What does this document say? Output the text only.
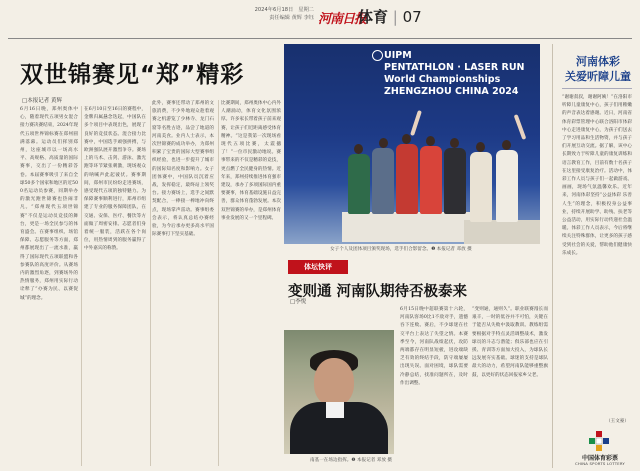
2024年6月18日　星期二
责任编辑 黄辉 李钰 河南日报
体育 | 07
双世锦赛见“郑”精彩
□本报记者 黄辉
6月16日晚，郑州奥体中心，随着现代五项男女混合接力赛决赛结束，2024年现代五项世界锦标赛在郑州圆满落幕。运动员们挥别郑州，这座城市以一场高水平、高规格、高质量的国际赛事，交出了一份精彩答卷。本届赛事吸引了来自全球50多个国家和地区的近500名运动员参赛，同期举办的激光跑世锦赛也热闹非凡。“郑州现代五项世锦赛”不仅是运动员竞技的舞台，更是一场全民参与的体育盛会。在赛事组织、场馆保障、志愿服务等方面，郑州都展现出了一流水准，赢得了国际现代五项联盟和各参赛队的高度评价。从赛场内的激烈角逐，到赛场外的热情服务，郑州用实际行动诠释了“办赛为民、以赛促城”的理念。
在6月10日至16日的赛程中，金牌归属悬念迭起，中国队在多个项目中表现出色，展现了良好的竞技状态。混合接力比赛中，中国选手顽强拼搏，与欧洲强队展开激烈争夺。赛场上的马术、击剑、游泳、激光跑等环节紧张刺激，现场观众的呐喊声此起彼伏。赛事期间，郑州市民纷纷走进赛场，感受现代五项的独特魅力。为保障赛事顺利进行，郑州市组建了专业的服务保障团队，在交通、安保、医疗、餐饮等方面做了周密安排。志愿者们身着统一服装，活跃在各个岗位，用热情周到的服务赢得了中外嘉宾的称赞。
此外，赛事还带动了郑州的文旅消费，不少外地观众趁着观赛之机游览了少林寺、龙门石窟等名胜古迹，品尝了地道的河南美食。业内人士表示，本次世锦赛的成功举办，为郑州积累了宝贵的国际大型赛事组织经验，也进一步提升了城市的国际知名度和影响力。女子团体赛中，中国队员沉着应战，发挥稳定，最终站上领奖台。接力赛场上，选手之间默契配合，一棒接一棒地冲向终点，现场掌声雷动。赛事组委会表示，将认真总结办赛经验，为今后承办更多高水平国际赛事打下坚实基础。
比赛期间，郑州奥体中心内外人潮涌动，体育文化氛围浓厚。许多家长带着孩子前来观赛，让孩子们近距离感受体育精神。“这是我第一次现场看现代五项比赛，太震撼了！”一位市民激动地说。赛事带来的不仅是精彩的竞技，更点燃了全民健身的热情。近年来，郑州持续推进体育强市建设，承办了多项国际国内重要赛事，体育基础设施日益完善，群众体育蓬勃发展。本次双世锦赛的举办，是郑州体育事业发展的又一个里程碑。
UIPM
PENTATHLON · LASER RUN
World Championships
ZHENGZHOU CHINA 2024
女子个人及团体项目颁奖现场，选手们合影留念。❶ 本报记者 邓放 摄
体坛快评
变则通 河南队期待否极泰来
□李悦
南基一在场边指挥。❷ 本报记者 邓放 摄
6月15日晚中超联赛第十六轮，河南队客场0比1不敌对手，遗憾吞下连败。赛后，不少球迷在社交平台上表达了失望之情。本赛季至今，河南队战绩起伏，攻防两端都存在明显短板，进攻端缺乏有效的终结手段，防守端屡屡出现失误。面对困境，球队需要冷静总结，找准问题所在，及时作出调整。
“变则通，通则久”。职业联赛漫长而艰辛，一时的低谷并不可怕，关键在于能否从失败中汲取教训。教练组需要根据对手特点灵活调整战术，激发球员的斗志与潜能；俱乐部也应在引援、青训等方面加大投入，为球队长远发展夯实基础。球迷的支持是球队最大的动力，希望河南队能够重整旗鼓，以更好的状态回报家乡父老。
河南体彩
关爱听障儿童
“谢谢叔叔，谢谢阿姨！”在洛阳市听障儿童康复中心，孩子们用稚嫩的声音表达着感谢。近日，河南省体育彩票管理中心联合洛阳市体彩中心走进康复中心，为孩子们送去了学习用品和生活物资，并与孩子们开展互动交流。据了解，该中心长期致力于听障儿童的康复训练和语言教育工作，目前有数十名孩子在这里接受康复治疗。活动中，体彩工作人员与孩子们一起做游戏、画画，现场气氛温馨欢乐。近年来，河南体彩坚持“公益体彩 乐善人生”的理念，积极投身公益事业，持续开展助学、助残、扶老等公益活动，用实际行动传递社会温暖。体彩工作人员表示，今后将继续关注特殊群体，让更多的孩子感受到社会的关爱，帮助他们健康快乐成长。
（王文豪）
中国体育彩票
CHINA SPORTS LOTTERY
